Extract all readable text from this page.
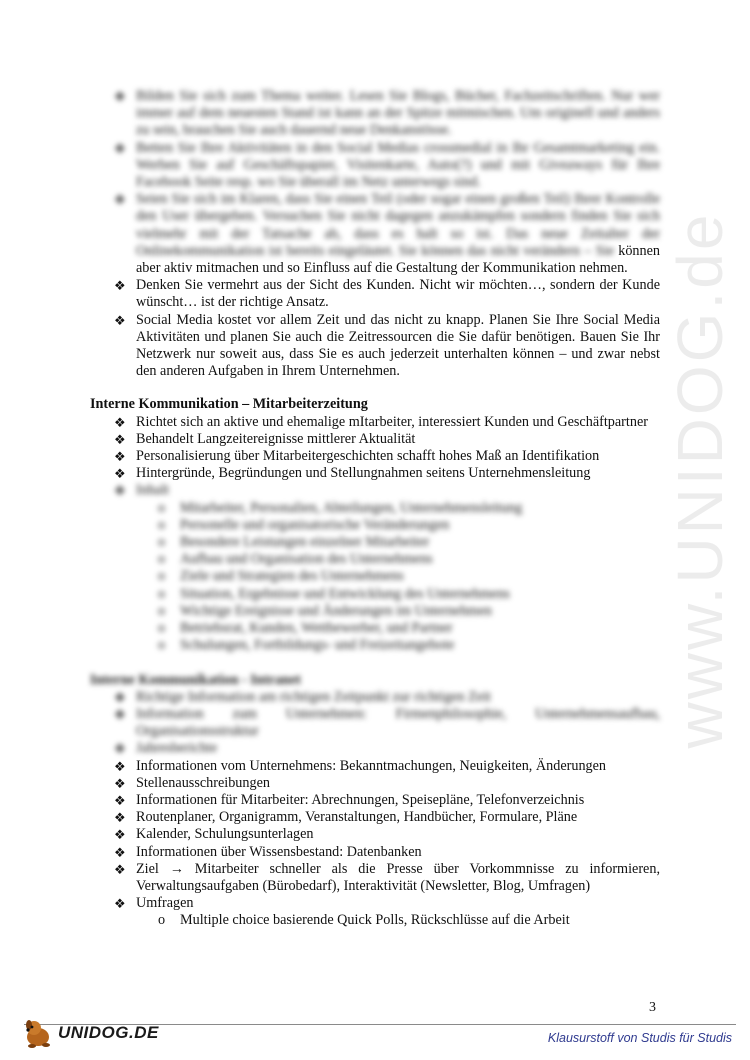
www.UNIDOG.de
❖ Bilden Sie sich zum Thema weiter. Lesen Sie Blogs, Bücher, Fachzeitschriften. Nur wer immer auf dem neuesten Stand ist kann an der Spitze mitmischen. Um originell und anders zu sein, brauchen Sie auch dauernd neue Denkanstösse.
❖ Betten Sie Ihre Aktivitäten in den Social Medias crossmedial in Ihr Gesamtmarketing ein. Werben Sie auf Geschäftspapier, Visitenkarte, Auto(?) und mit Giveaways für Ihre Facebook Seite resp. wo Sie überall im Netz unterwegs sind.
❖ Seien Sie sich im Klaren, dass Sie einen Teil (oder sogar einen großen Teil) Ihrer Kontrolle den User übergeben. Versuchen Sie nicht dagegen anzukämpfen sondern finden Sie sich vielmehr mit der Tatsache ab, dass es halt so ist. Das neue Zeitalter der Onlinekommunikation ist bereits eingeläutet. Sie können das nicht verändern – Sie können aber aktiv mitmachen und so Einfluss auf die Gestaltung der Kommunikation nehmen.
❖ Denken Sie vermehrt aus der Sicht des Kunden. Nicht wir möchten…, sondern der Kunde wünscht… ist der richtige Ansatz.
❖ Social Media kostet vor allem Zeit und das nicht zu knapp. Planen Sie Ihre Social Media Aktivitäten und planen Sie auch die Zeitressourcen die Sie dafür benötigen. Bauen Sie Ihr Netzwerk nur soweit aus, dass Sie es auch jederzeit unterhalten können – und zwar nebst den anderen Aufgaben in Ihrem Unternehmen.
Interne Kommunikation – Mitarbeiterzeitung
❖ Richtet sich an aktive und ehemalige mItarbeiter, interessiert Kunden und Geschäftpartner
❖ Behandelt Langzeitereignisse mittlerer Aktualität
❖ Personalisierung über Mitarbeitergeschichten schafft hohes Maß an Identifikation
❖ Hintergründe, Begründungen und Stellungnahmen seitens Unternehmensleitung
❖ Inhalt
o Mitarbeiter, Personalien, Abteilungen, Unternehmensleitung
o Personelle und organisatorische Veränderungen
o Besondere Leistungen einzelner Mitarbeiter
o Aufbau und Organisation des Unternehmens
o Ziele und Strategien des Unternehmens
o Situation, Ergebnisse und Entwicklung des Unternehmens
o Wichtige Ereignisse und Änderungen im Unternehmen
o Betriebsrat, Kunden, Wettbewerber, und Partner
o Schulungen, Fortbildungs- und Freizeitangebote
Interne Kommunikation - Intranet
❖ Richtige Information am richtigen Zeitpunkt zur richtigen Zeit
❖ Information zum Unternehmen: Firmenphilosophie, Unternehmensaufbau, Organisationsstruktur
❖ Jahresberichte
❖ Informationen vom Unternehmens: Bekanntmachungen, Neuigkeiten, Änderungen
❖ Stellenausschreibungen
❖ Informationen für Mitarbeiter: Abrechnungen, Speisepläne, Telefonverzeichnis
❖ Routenplaner, Organigramm, Veranstaltungen, Handbücher, Formulare, Pläne
❖ Kalender, Schulungsunterlagen
❖ Informationen über Wissensbestand: Datenbanken
❖ Ziel → Mitarbeiter schneller als die Presse über Vorkommnisse zu informieren, Verwaltungsaufgaben (Bürobedarf), Interaktivität (Newsletter, Blog, Umfragen)
❖ Umfragen
o Multiple choice basierende Quick Polls, Rückschlüsse auf die Arbeit
3
UNIDOG.DE	Klausurstoff von Studis für Studis
